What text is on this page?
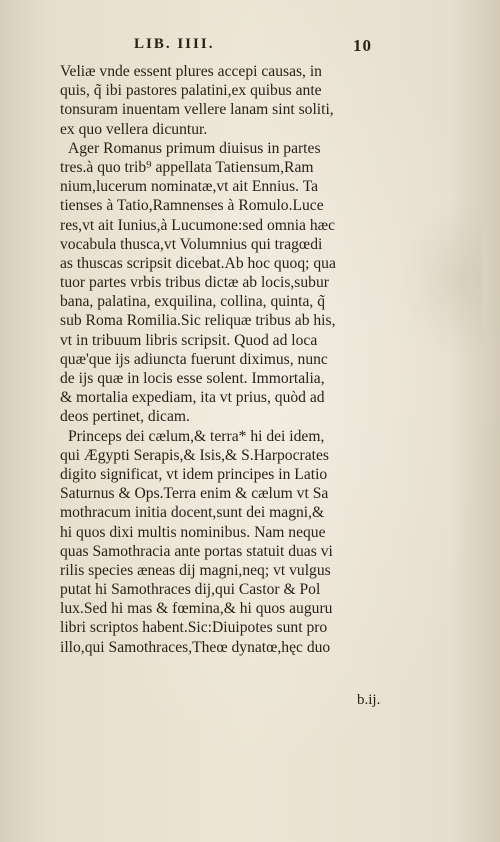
LIB. IIII.	10
Veliæ vnde essent plures accepi causas, in
quis, q̃ ibi pastores palatini,ex quibus ante
tonsuram inuentam vellere lanam sint soliti,
ex quo vellera dicuntur.
Ager Romanus primum diuisus in partes
tres.à quo trib⁹ appellata Tatiensum,Ram
nium,lucerum nominatæ,vt ait Ennius. Ta
tienses à Tatio,Ramnenses à Romulo.Luce
res,vt ait Iunius,à Lucumone:sed omnia hæc
vocabula thusca,vt Volumnius qui tragœdi
as thuscas scripsit dicebat.Ab hoc quoq; qua
tuor partes vrbis tribus dictæ ab locis,subur
bana, palatina, exquilina, collina, quinta, q̃
sub Roma Romilia.Sic reliquæ tribus ab his,
vt in tribuum libris scripsit. Quod ad loca
quæ'que ijs adiuncta fuerunt diximus, nunc
de ijs quæ in locis esse solent. Immortalia,
& mortalia expediam, ita vt prius, quòd ad
deos pertinet, dicam.
Princeps dei cælum,& terra* hi dei idem,
qui Ægypti Serapis,& Isis,& S.Harpocrates
digito significat, vt idem principes in Latio
Saturnus & Ops.Terra enim & cælum vt Sa
mothracum initia docent,sunt dei magni,&
hi quos dixi multis nominibus. Nam neque
quas Samothracia ante portas statuit duas vi
rilis species æneas dij magni,neq; vt vulgus
putat hi Samothraces dij,qui Castor & Pol
lux.Sed hi mas & fœmina,& hi quos auguru
libri scriptos habent.Sic:Diuipotes sunt pro
illo,qui Samothraces,Theœ dynatœ,hęc duo
b.ij.
